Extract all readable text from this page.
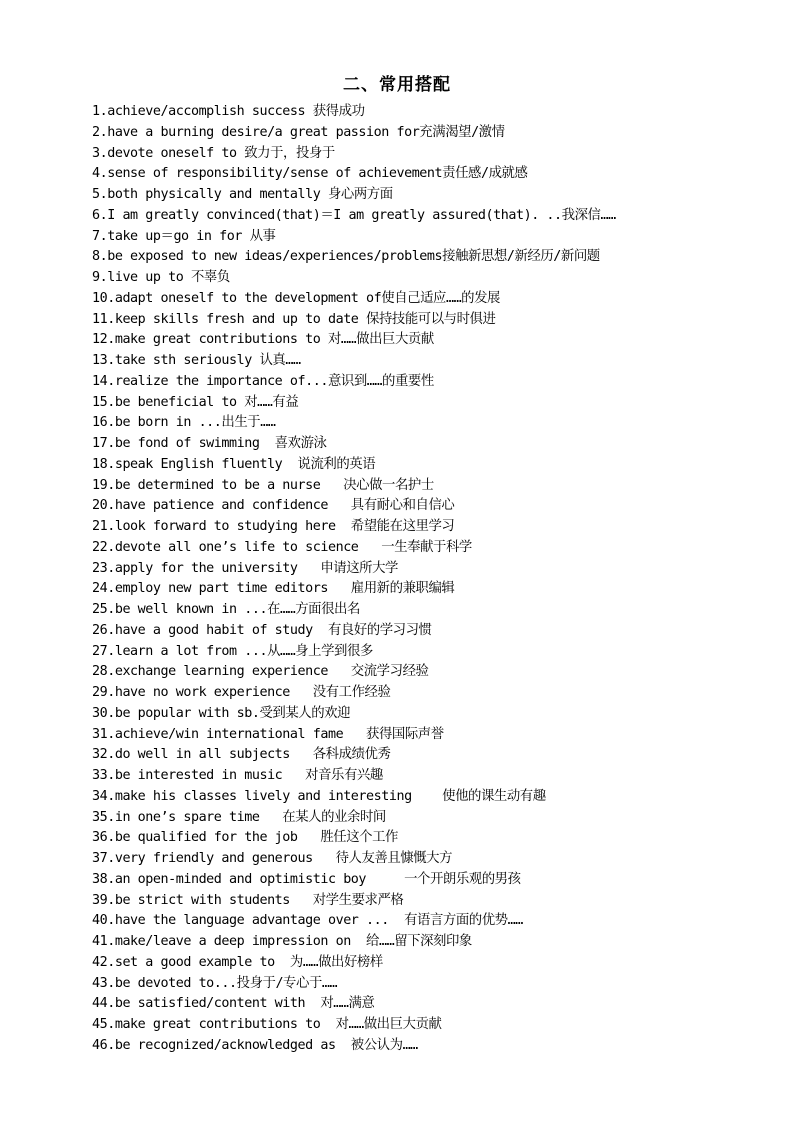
二、常用搭配
1.achieve/accomplish success 获得成功
2.have a burning desire/a great passion for充满渴望/激情
3.devote oneself to 致力于，投身于
4.sense of responsibility/sense of achievement责任感/成就感
5.both physically and mentally 身心两方面
6.I am greatly convinced(that)＝I am greatly assured(that). ..我深信……
7.take up＝go in for 从事
8.be exposed to new ideas/experiences/problems接触新思想/新经历/新问题
9.live up to 不辜负
10.adapt oneself to the development of使自己适应……的发展
11.keep skills fresh and up to date 保持技能可以与时俱进
12.make great contributions to 对……做出巨大贡献
13.take sth seriously 认真……
14.realize the importance of...意识到……的重要性
15.be beneficial to 对……有益
16.be born in ...出生于……
17.be fond of swimming  喜欢游泳
18.speak English fluently  说流利的英语
19.be determined to be a nurse   决心做一名护士
20.have patience and confidence   具有耐心和自信心
21.look forward to studying here  希望能在这里学习
22.devote all one’s life to science   一生奉献于科学
23.apply for the university   申请这所大学
24.employ new part time editors   雇用新的兼职编辑
25.be well known in ...在……方面很出名
26.have a good habit of study  有良好的学习习惯
27.learn a lot from ...从……身上学到很多
28.exchange learning experience   交流学习经验
29.have no work experience   没有工作经验
30.be popular with sb.受到某人的欢迎
31.achieve/win international fame   获得国际声誉
32.do well in all subjects   各科成绩优秀
33.be interested in music   对音乐有兴趣
34.make his classes lively and interesting    使他的课生动有趣
35.in one’s spare time   在某人的业余时间
36.be qualified for the job   胜任这个工作
37.very friendly and generous   待人友善且慷慨大方
38.an open-minded and optimistic boy     一个开朗乐观的男孩
39.be strict with students   对学生要求严格
40.have the language advantage over ...  有语言方面的优势……
41.make/leave a deep impression on  给……留下深刻印象
42.set a good example to  为……做出好榜样
43.be devoted to...投身于/专心于……
44.be satisfied/content with  对……满意
45.make great contributions to  对……做出巨大贡献
46.be recognized/acknowledged as  被公认为……
